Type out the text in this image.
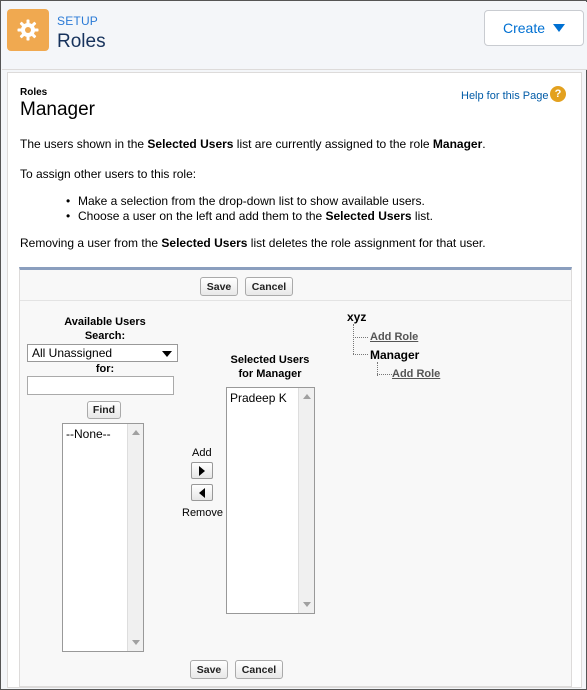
SETUP
Roles
Create
Roles
Manager
Help for this Page ?
The users shown in the Selected Users list are currently assigned to the role Manager.
To assign other users to this role:
• Make a selection from the drop-down list to show available users.
• Choose a user on the left and add them to the Selected Users list.
Removing a user from the Selected Users list deletes the role assignment for that user.
Save	Cancel
Available Users
Search:
All Unassigned
for:
Find
--None--
Add
Remove
Selected Users
for Manager
Pradeep K
xyz
Add Role
Manager
Add Role
Save	Cancel
